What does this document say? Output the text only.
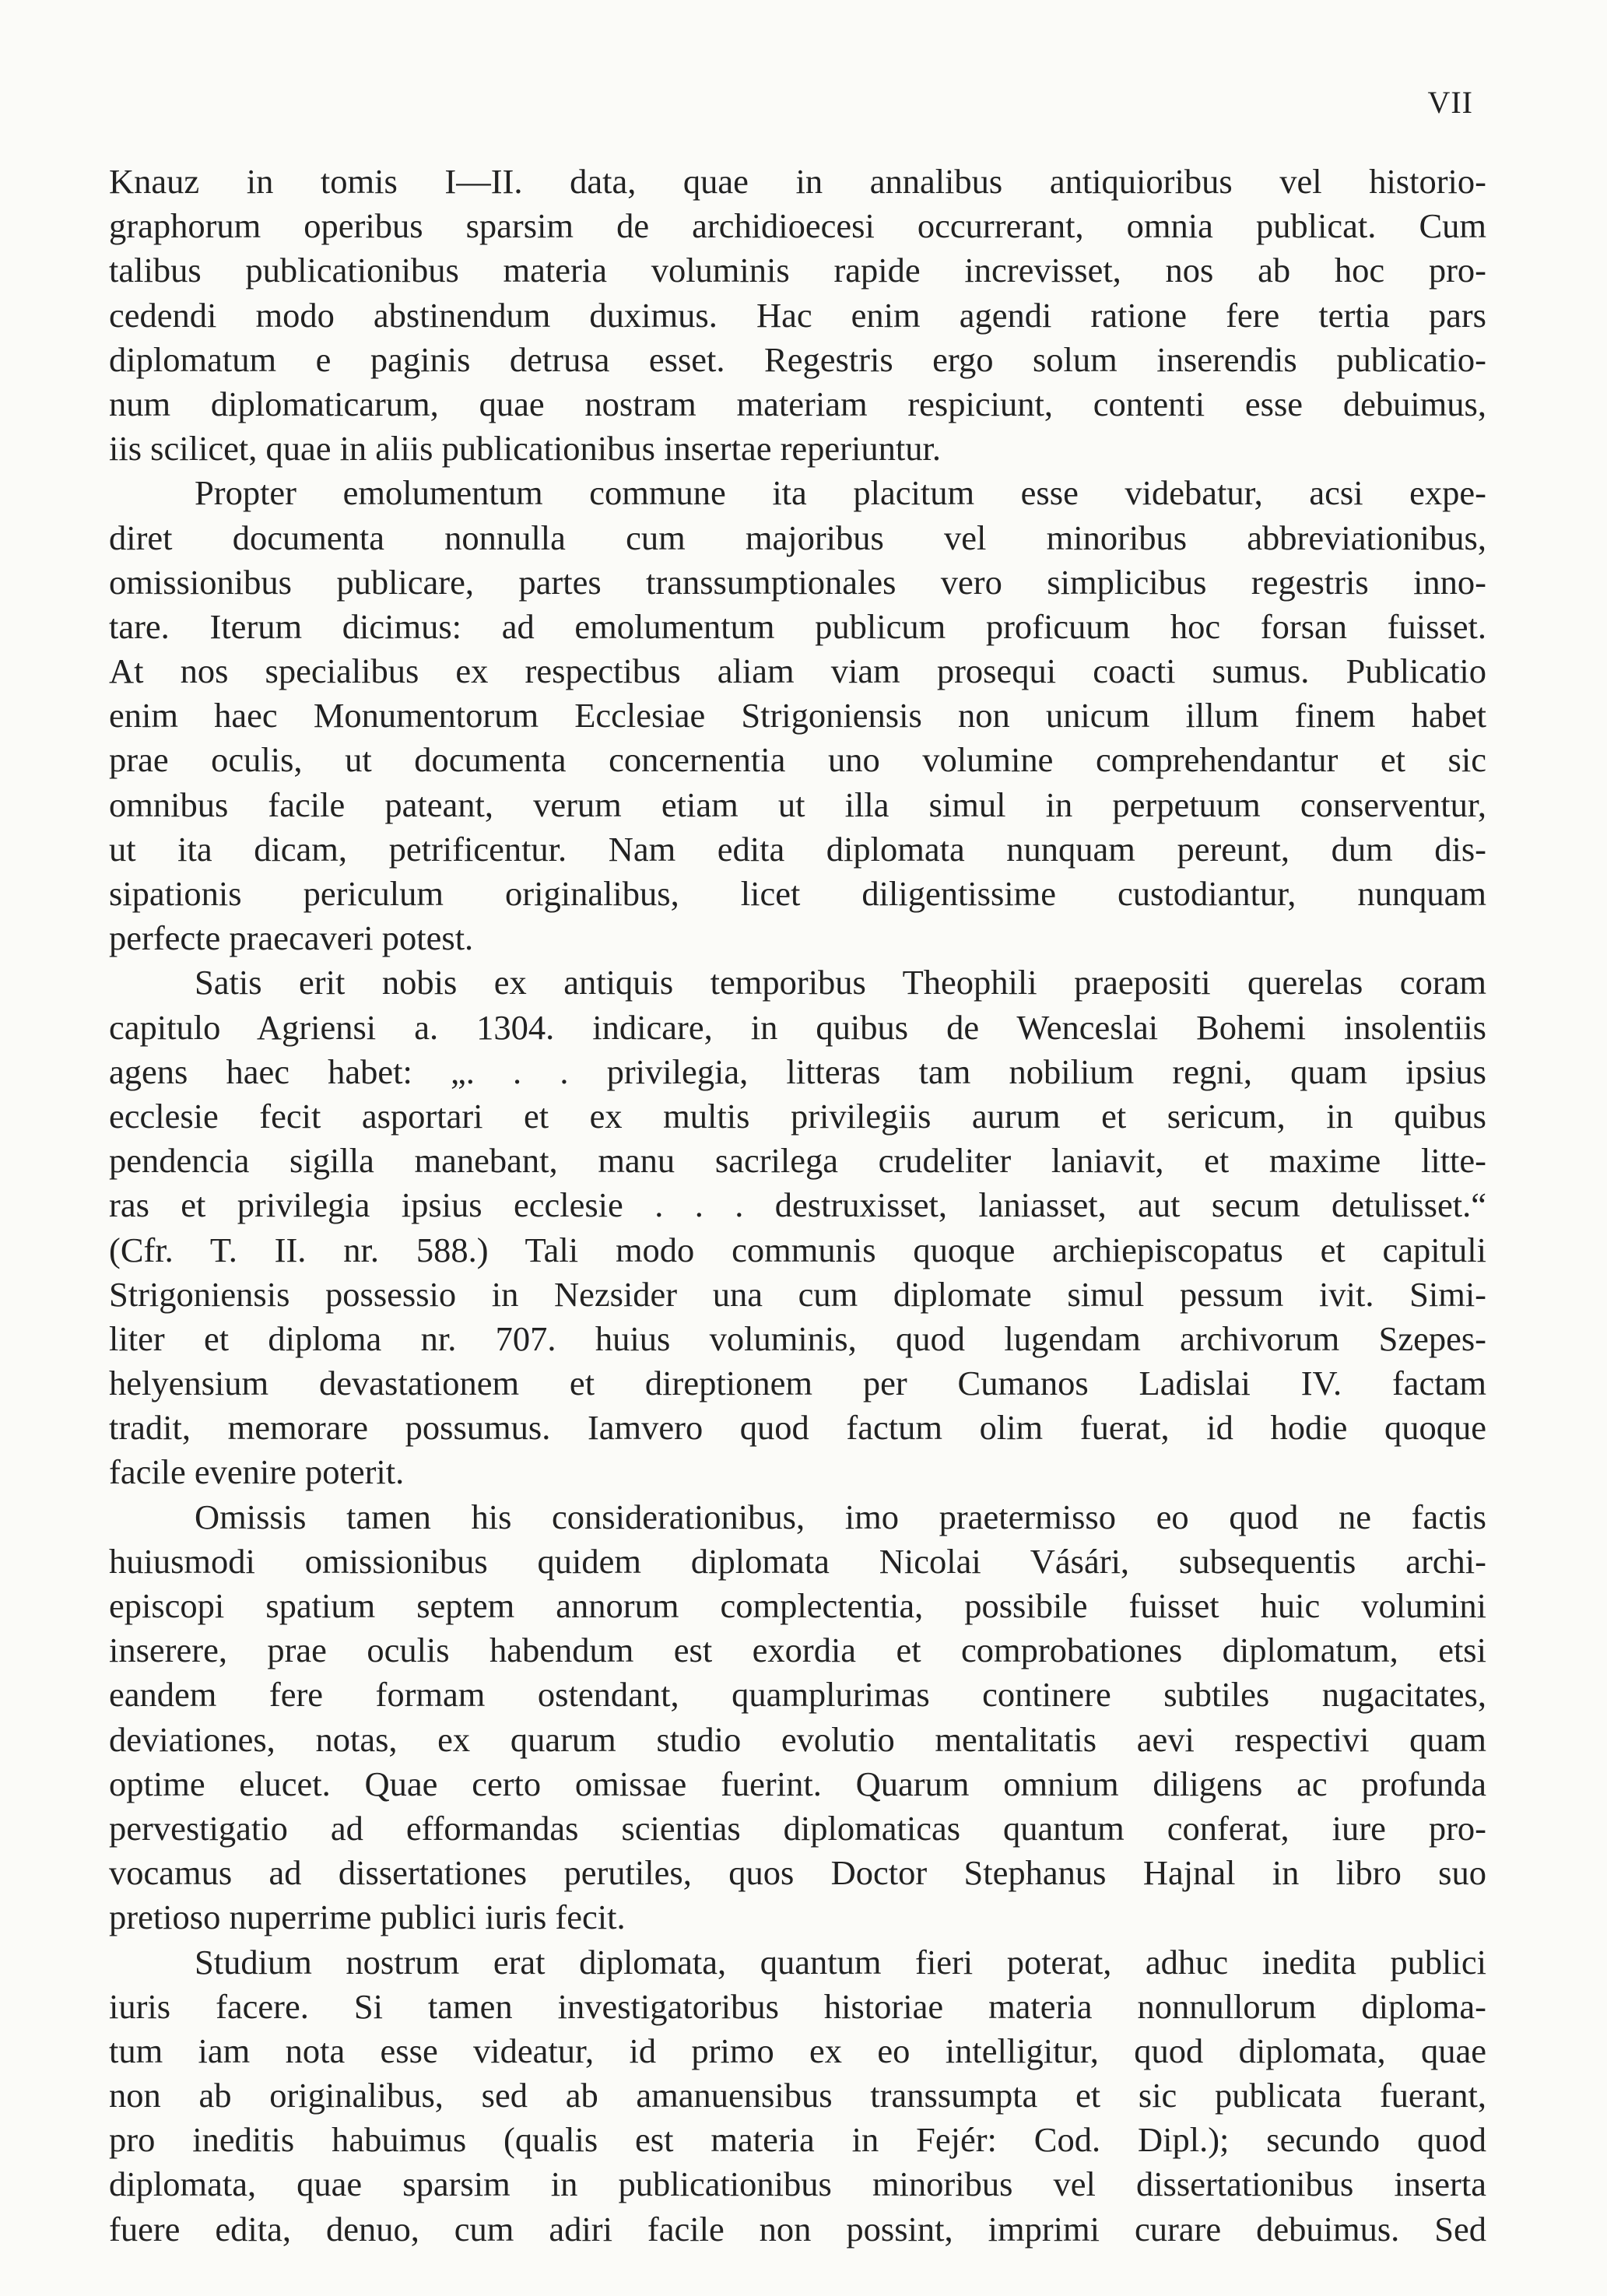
VII
Knauz in tomis I—II. data, quae in annalibus antiquioribus vel historio-
graphorum operibus sparsim de archidioecesi occurrerant, omnia publicat. Cum
talibus publicationibus materia voluminis rapide increvisset, nos ab hoc pro-
cedendi modo abstinendum duximus. Hac enim agendi ratione fere tertia pars
diplomatum e paginis detrusa esset. Regestris ergo solum inserendis publicatio-
num diplomaticarum, quae nostram materiam respiciunt, contenti esse debuimus,
iis scilicet, quae in aliis publicationibus insertae reperiuntur.
Propter emolumentum commune ita placitum esse videbatur, acsi expe-
diret documenta nonnulla cum majoribus vel minoribus abbreviationibus,
omissionibus publicare, partes transsumptionales vero simplicibus regestris inno-
tare. Iterum dicimus: ad emolumentum publicum proficuum hoc forsan fuisset.
At nos specialibus ex respectibus aliam viam prosequi coacti sumus. Publicatio
enim haec Monumentorum Ecclesiae Strigoniensis non unicum illum finem habet
prae oculis, ut documenta concernentia uno volumine comprehendantur et sic
omnibus facile pateant, verum etiam ut illa simul in perpetuum conserventur,
ut ita dicam, petrificentur. Nam edita diplomata nunquam pereunt, dum dis-
sipationis periculum originalibus, licet diligentissime custodiantur, nunquam
perfecte praecaveri potest.
Satis erit nobis ex antiquis temporibus Theophili praepositi querelas coram
capitulo Agriensi a. 1304. indicare, in quibus de Wenceslai Bohemi insolentiis
agens haec habet: „. . . privilegia, litteras tam nobilium regni, quam ipsius
ecclesie fecit asportari et ex multis privilegiis aurum et sericum, in quibus
pendencia sigilla manebant, manu sacrilega crudeliter laniavit, et maxime litte-
ras et privilegia ipsius ecclesie . . . destruxisset, laniasset, aut secum detulisset.“
(Cfr. T. II. nr. 588.) Tali modo communis quoque archiepiscopatus et capituli
Strigoniensis possessio in Nezsider una cum diplomate simul pessum ivit. Simi-
liter et diploma nr. 707. huius voluminis, quod lugendam archivorum Szepes-
helyensium devastationem et direptionem per Cumanos Ladislai IV. factam
tradit, memorare possumus. Iamvero quod factum olim fuerat, id hodie quoque
facile evenire poterit.
Omissis tamen his considerationibus, imo praetermisso eo quod ne factis
huiusmodi omissionibus quidem diplomata Nicolai Vásári, subsequentis archi-
episcopi spatium septem annorum complectentia, possibile fuisset huic volumini
inserere, prae oculis habendum est exordia et comprobationes diplomatum, etsi
eandem fere formam ostendant, quamplurimas continere subtiles nugacitates,
deviationes, notas, ex quarum studio evolutio mentalitatis aevi respectivi quam
optime elucet. Quae certo omissae fuerint. Quarum omnium diligens ac profunda
pervestigatio ad efformandas scientias diplomaticas quantum conferat, iure pro-
vocamus ad dissertationes perutiles, quos Doctor Stephanus Hajnal in libro suo
pretioso nuperrime publici iuris fecit.
Studium nostrum erat diplomata, quantum fieri poterat, adhuc inedita publici
iuris facere. Si tamen investigatoribus historiae materia nonnullorum diploma-
tum iam nota esse videatur, id primo ex eo intelligitur, quod diplomata, quae
non ab originalibus, sed ab amanuensibus transsumpta et sic publicata fuerant,
pro ineditis habuimus (qualis est materia in Fejér: Cod. Dipl.); secundo quod
diplomata, quae sparsim in publicationibus minoribus vel dissertationibus inserta
fuere edita, denuo, cum adiri facile non possint, imprimi curare debuimus. Sed
